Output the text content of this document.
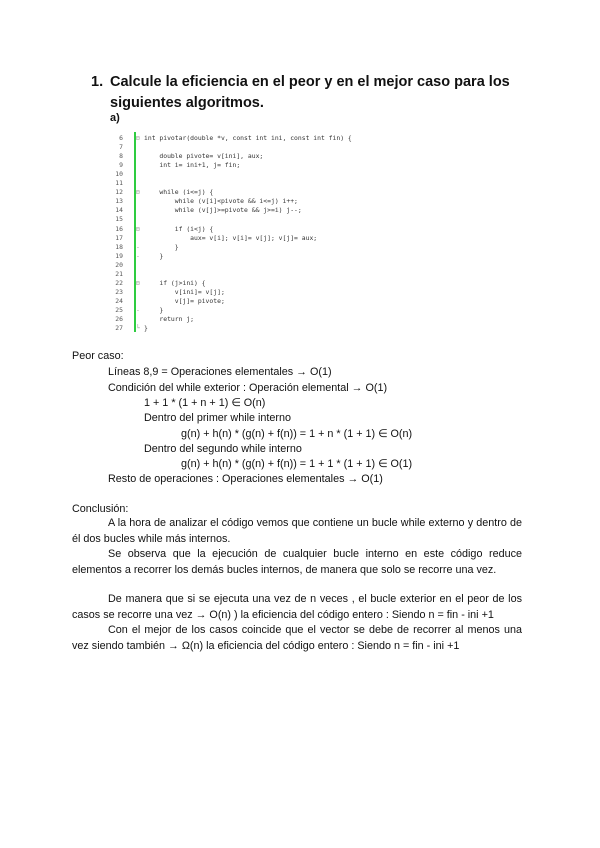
1. Calcule la eficiencia en el peor y en el mejor caso para los siguientes algoritmos.
a)
6 ⊟ int pivotar(double *v, const int ini, const int fin) {
7
8	double pivote= v[ini], aux;
9	int i= ini+1, j= fin;
10
11
12 ⊟ while (i<=j) {
13	while (v[i]<pivote && i<=j) i++;
14	while (v[j]>=pivote && j>=i) j--;
15
16 ⊟ if (i<j) {
17	aux= v[i]; v[i]= v[j]; v[j]= aux;
18 - }
19 - }
20
21
22 ⊟ if (j>ini) {
23	v[ini]= v[j];
24	v[j]= pivote;
25 - }
26	return j;
27 └ }
Peor caso:
Líneas 8,9 = Operaciones elementales → O(1)
Condición del while exterior : Operación elemental → O(1)
1 + 1 * (1 + n + 1) ∈ O(n)
Dentro del primer while interno
g(n) + h(n) * (g(n) + f(n)) = 1 + n * (1 + 1) ∈ O(n)
Dentro del segundo while interno
g(n) + h(n) * (g(n) + f(n)) = 1 + 1 * (1 + 1) ∈ O(1)
Resto de operaciones : Operaciones elementales → O(1)
Conclusión:
A la hora de analizar el código vemos que contiene un bucle while externo y dentro de él dos bucles while más internos.
Se observa que la ejecución de cualquier bucle interno en este código reduce elementos a recorrer los demás bucles internos, de manera que solo se recorre una vez.
De manera que si se ejecuta una vez de n veces , el bucle exterior en el peor de los casos se recorre una vez → O(n) ) la eficiencia del código entero : Siendo n = fin - ini +1
Con el mejor de los casos coincide que el vector se debe de recorrer al menos una vez siendo también → Ω(n) la eficiencia del código entero : Siendo n = fin - ini +1
